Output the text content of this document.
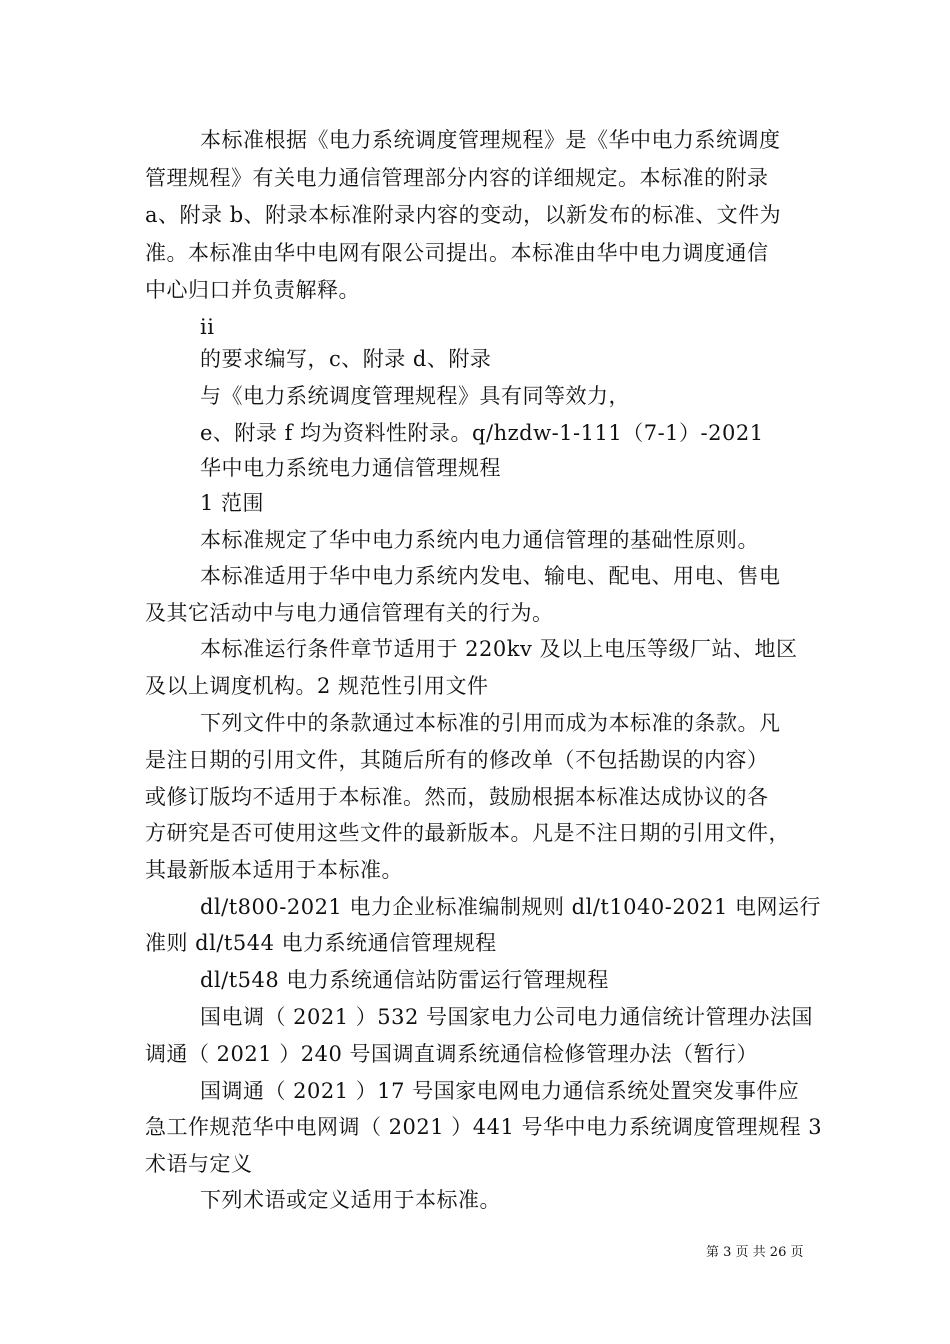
本标准根据《电力系统调度管理规程》是《华中电力系统调度
管理规程》有关电力通信管理部分内容的详细规定。本标准的附录
a、附录 b、附录本标准附录内容的变动，以新发布的标准、文件为
准。本标准由华中电网有限公司提出。本标准由华中电力调度通信
中心归口并负责解释。
ii
的要求编写，c、附录 d、附录
与《电力系统调度管理规程》具有同等效力，
e、附录 f 均为资料性附录。q/hzdw-1-111（7-1）-2021
华中电力系统电力通信管理规程
1 范围
本标准规定了华中电力系统内电力通信管理的基础性原则。
本标准适用于华中电力系统内发电、输电、配电、用电、售电
及其它活动中与电力通信管理有关的行为。
本标准运行条件章节适用于 220kv 及以上电压等级厂站、地区
及以上调度机构。2 规范性引用文件
下列文件中的条款通过本标准的引用而成为本标准的条款。凡
是注日期的引用文件，其随后所有的修改单（不包括勘误的内容）
或修订版均不适用于本标准。然而，鼓励根据本标准达成协议的各
方研究是否可使用这些文件的最新版本。凡是不注日期的引用文件，
其最新版本适用于本标准。
dl/t800-2021 电力企业标准编制规则 dl/t1040-2021 电网运行
准则 dl/t544 电力系统通信管理规程
dl/t548 电力系统通信站防雷运行管理规程
国电调（ 2021 ）532 号国家电力公司电力通信统计管理办法国
调通（ 2021 ）240 号国调直调系统通信检修管理办法（暂行）
国调通（ 2021 ）17 号国家电网电力通信系统处置突发事件应
急工作规范华中电网调（ 2021 ）441 号华中电力系统调度管理规程 3
术语与定义
下列术语或定义适用于本标准。
第 3 页 共 26 页
